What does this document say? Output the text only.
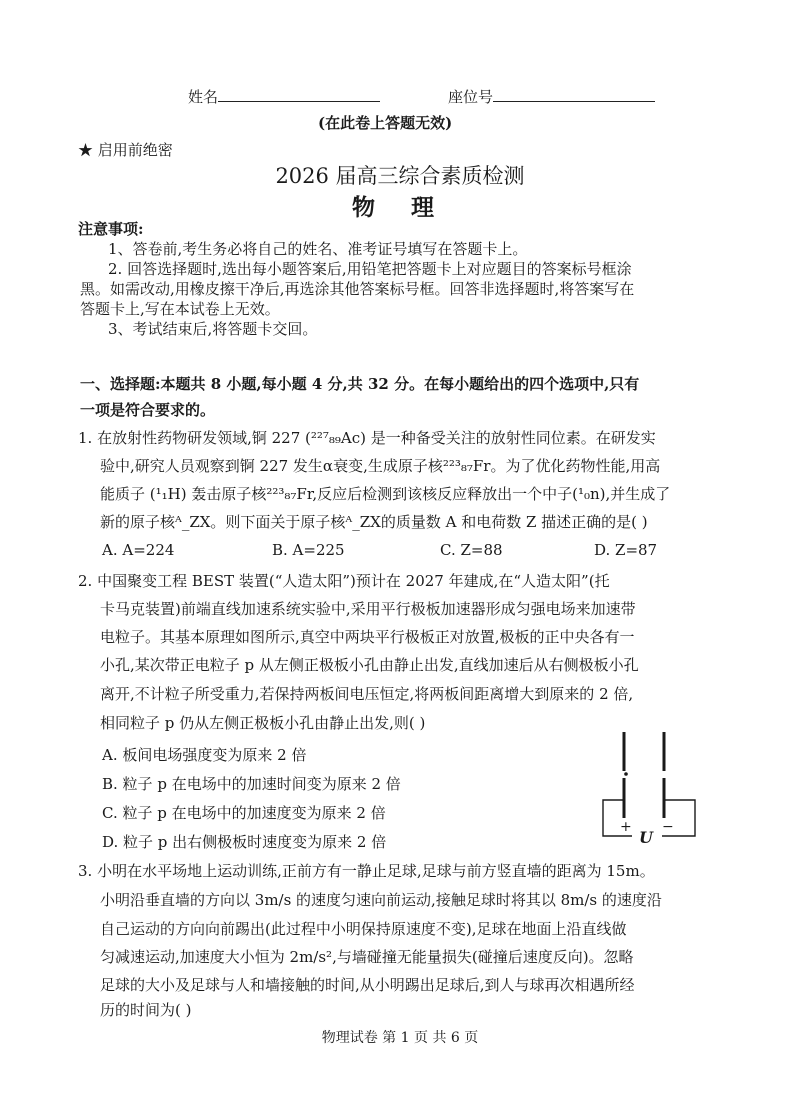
姓名	座位号
(在此卷上答题无效)
★ 启用前绝密
2026 届高三综合素质检测
物 理
注意事项:
1、答卷前,考生务必将自己的姓名、准考证号填写在答题卡上。
2. 回答选择题时,选出每小题答案后,用铅笔把答题卡上对应题目的答案标号框涂
黑。如需改动,用橡皮擦干净后,再选涂其他答案标号框。回答非选择题时,将答案写在
答题卡上,写在本试卷上无效。
3、考试结束后,将答题卡交回。
一、选择题:本题共 8 小题,每小题 4 分,共 32 分。在每小题给出的四个选项中,只有
一项是符合要求的。
1. 在放射性药物研发领域,锕 227 (²²⁷₈₉Ac) 是一种备受关注的放射性同位素。在研发实
验中,研究人员观察到锕 227 发生α衰变,生成原子核²²³₈₇Fr。为了优化药物性能,用高
能质子 (¹₁H) 轰击原子核²²³₈₇Fr,反应后检测到该核反应释放出一个中子(¹₀n),并生成了
新的原子核ᴬ_ZX。则下面关于原子核ᴬ_ZX的质量数 A 和电荷数 Z 描述正确的是( )
A. A=224	B. A=225	C. Z=88	D. Z=87
2. 中国聚变工程 BEST 装置(“人造太阳”)预计在 2027 年建成,在“人造太阳”(托
卡马克装置)前端直线加速系统实验中,采用平行极板加速器形成匀强电场来加速带
电粒子。其基本原理如图所示,真空中两块平行极板正对放置,极板的正中央各有一
小孔,某次带正电粒子 p 从左侧正极板小孔由静止出发,直线加速后从右侧极板小孔
离开,不计粒子所受重力,若保持两板间电压恒定,将两板间距离增大到原来的 2 倍,
相同粒子 p 仍从左侧正极板小孔由静止出发,则( )
A. 板间电场强度变为原来 2 倍
B. 粒子 p 在电场中的加速时间变为原来 2 倍
C. 粒子 p 在电场中的加速度变为原来 2 倍
D. 粒子 p 出右侧极板时速度变为原来 2 倍
+
U
−
3. 小明在水平场地上运动训练,正前方有一静止足球,足球与前方竖直墙的距离为 15m。
小明沿垂直墙的方向以 3m/s 的速度匀速向前运动,接触足球时将其以 8m/s 的速度沿
自己运动的方向向前踢出(此过程中小明保持原速度不变),足球在地面上沿直线做
匀减速运动,加速度大小恒为 2m/s²,与墙碰撞无能量损失(碰撞后速度反向)。忽略
足球的大小及足球与人和墙接触的时间,从小明踢出足球后,到人与球再次相遇所经
历的时间为( )
物理试卷 第 1 页 共 6 页
